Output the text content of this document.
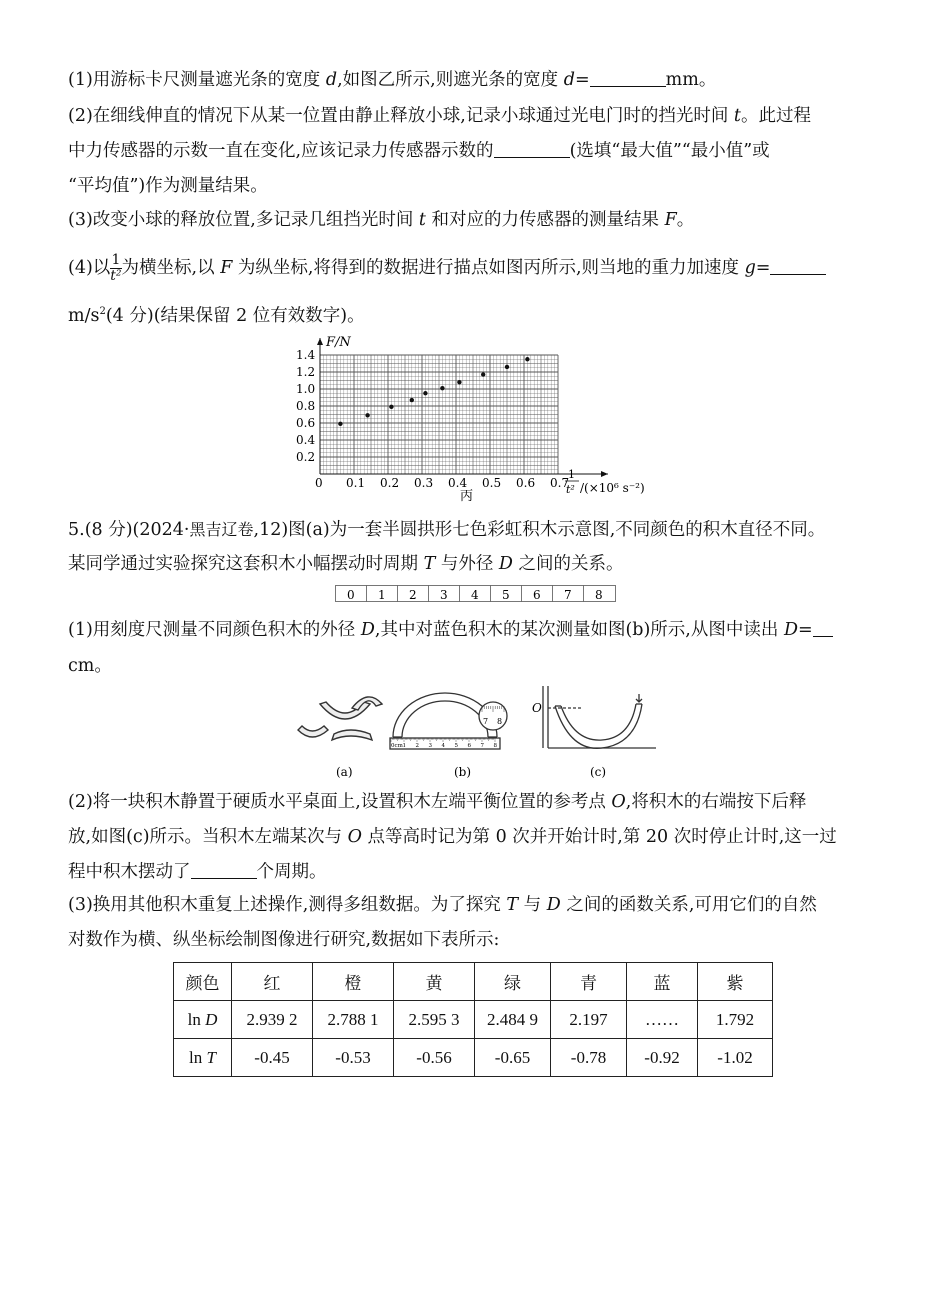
(1)用游标卡尺测量遮光条的宽度 d,如图乙所示,则遮光条的宽度 d=	mm。
(2)在细线伸直的情况下从某一位置由静止释放小球,记录小球通过光电门时的挡光时间 t。此过程
中力传感器的示数一直在变化,应该记录力传感器示数的	(选填“最大值”“最小值”或
“平均值”)作为测量结果。
(3)改变小球的释放位置,多记录几组挡光时间 t 和对应的力传感器的测量结果 F。
(4)以 $\frac{1}{\text{t²}}$ 为横坐标,以 F 为纵坐标,将得到的数据进行描点如图丙所示,则当地的重力加速度 g=
$m/s^2(4$ 分)(结果保留 2 位有效数字)。
0.1 0.2 0.3 0.4 0.5 0.6 0.7
0.2
0.4
0.6
0.8
1.0
1.2
1.4
F/N
0
1
t² /(×10⁶ s⁻²)
丙
5.(8 分)(2024·黑吉辽卷,12)图(a)为一套半圆拱形七色彩虹积木示意图,不同颜色的积木直径不同。
某同学通过实验探究这套积木小幅摆动时周期 T 与外径 D 之间的关系。
0 1 2 3 4 5 6 7 8
(1)用刻度尺测量不同颜色积木的外径 D,其中对蓝色积木的某次测量如图(b)所示,从图中读出 D=
cm。
(a)
1 2 3 4 5 6 7 8
7 8
0cm
(b)
O
(c)
(2)将一块积木静置于硬质水平桌面上,设置积木左端平衡位置的参考点 O,将积木的右端按下后释
放,如图(c)所示。当积木左端某次与 O 点等高时记为第 0 次并开始计时,第 20 次时停止计时,这一过
程中积木摆动了	个周期。
(3)换用其他积木重复上述操作,测得多组数据。为了探究 T 与 D 之间的函数关系,可用它们的自然
对数作为横、纵坐标绘制图像进行研究,数据如下表所示:
颜色	红	橙	黄	绿	青	蓝	紫
ln D	2.939 2	2.788 1	2.595 3	2.484 9	2.197	……	1.792
ln T	-0.45	-0.53	-0.56	-0.65	-0.78	-0.92	-1.02
